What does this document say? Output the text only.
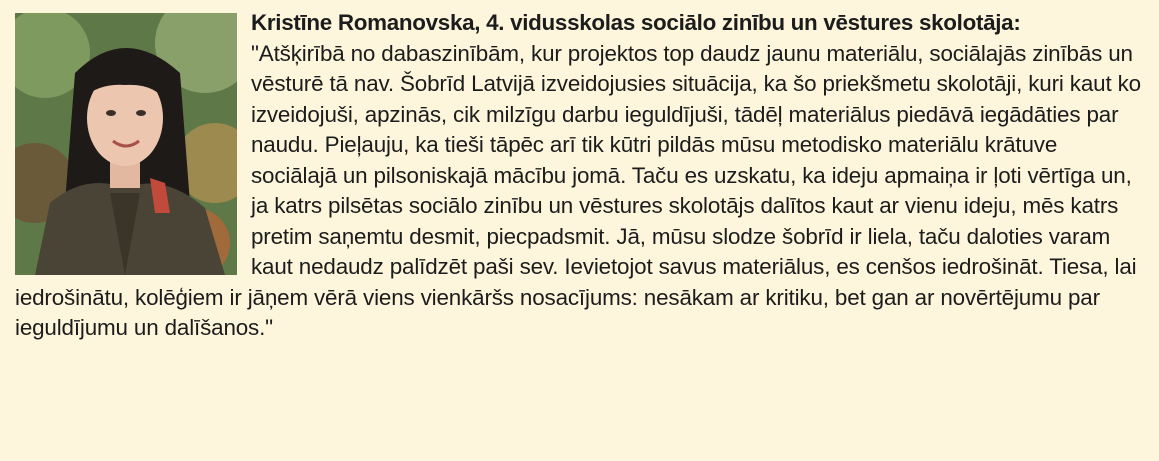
Kristīne Romanovska, 4. vidusskolas sociālo zinību un vēstures skolotāja:
"Atšķirībā no dabaszinībām, kur projektos top daudz jaunu materiālu, sociālajās zinībās un vēsturē tā nav. Šobrīd Latvijā izveidojusies situācija, ka šo priekšmetu skolotāji, kuri kaut ko izveidojuši, apzinās, cik milzīgu darbu ieguldījuši, tādēļ materiālus piedāvā iegādāties par naudu. Pieļauju, ka tieši tāpēc arī tik kūtri pildās mūsu metodisko materiālu krātuve sociālajā un pilsoniskajā mācību jomā. Taču es uzskatu, ka ideju apmaiņa ir ļoti vērtīga un, ja katrs pilsētas sociālo zinību un vēstures skolotājs dalītos kaut ar vienu ideju, mēs katrs pretim saņemtu desmit, piecpadsmit. Jā, mūsu slodze šobrīd ir liela, taču daloties varam kaut nedaudz palīdzēt paši sev. Ievietojot savus materiālus, es cenšos iedrošināt. Tiesa, lai iedrošinātu, kolēģiem ir jāņem vērā viens vienkāršs nosacījums: nesākam ar kritiku, bet gan ar novērtējumu par ieguldījumu un dalīšanos."
